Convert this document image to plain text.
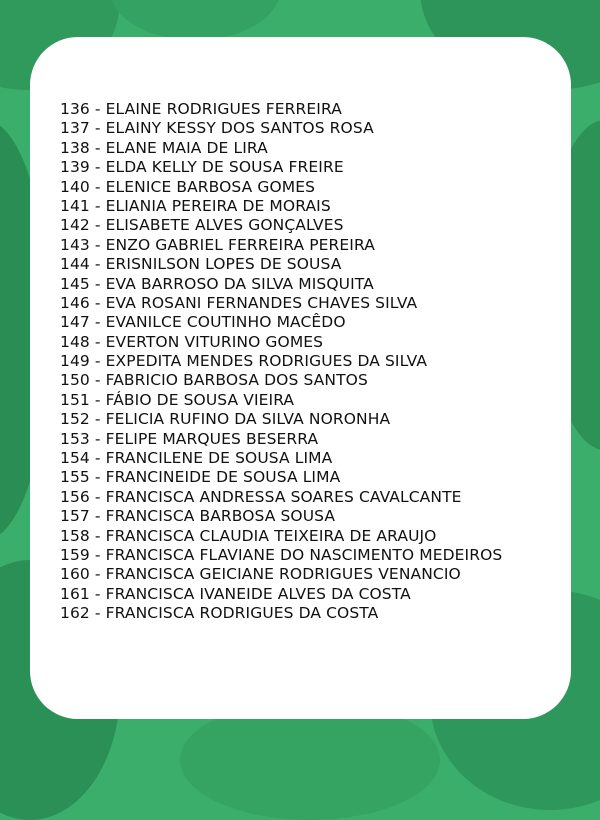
136 - ELAINE RODRIGUES FERREIRA
137 - ELAINY KESSY DOS SANTOS ROSA
138 - ELANE MAIA DE LIRA
139 - ELDA KELLY DE SOUSA FREIRE
140 - ELENICE BARBOSA GOMES
141 - ELIANIA PEREIRA DE MORAIS
142 - ELISABETE ALVES GONÇALVES
143 - ENZO GABRIEL FERREIRA PEREIRA
144 - ERISNILSON LOPES DE SOUSA
145 - EVA BARROSO DA SILVA MISQUITA
146 - EVA ROSANI FERNANDES CHAVES SILVA
147 - EVANILCE COUTINHO MACÊDO
148 - EVERTON VITURINO GOMES
149 - EXPEDITA MENDES RODRIGUES DA SILVA
150 - FABRICIO BARBOSA DOS SANTOS
151 - FÁBIO DE SOUSA VIEIRA
152 - FELICIA RUFINO DA SILVA NORONHA
153 - FELIPE MARQUES BESERRA
154 - FRANCILENE DE SOUSA LIMA
155 - FRANCINEIDE DE SOUSA LIMA
156 - FRANCISCA ANDRESSA SOARES CAVALCANTE
157 - FRANCISCA BARBOSA SOUSA
158 - FRANCISCA CLAUDIA TEIXEIRA DE ARAUJO
159 - FRANCISCA FLAVIANE DO NASCIMENTO MEDEIROS
160 - FRANCISCA GEICIANE RODRIGUES VENANCIO
161 - FRANCISCA IVANEIDE ALVES DA COSTA
162 - FRANCISCA RODRIGUES DA COSTA
